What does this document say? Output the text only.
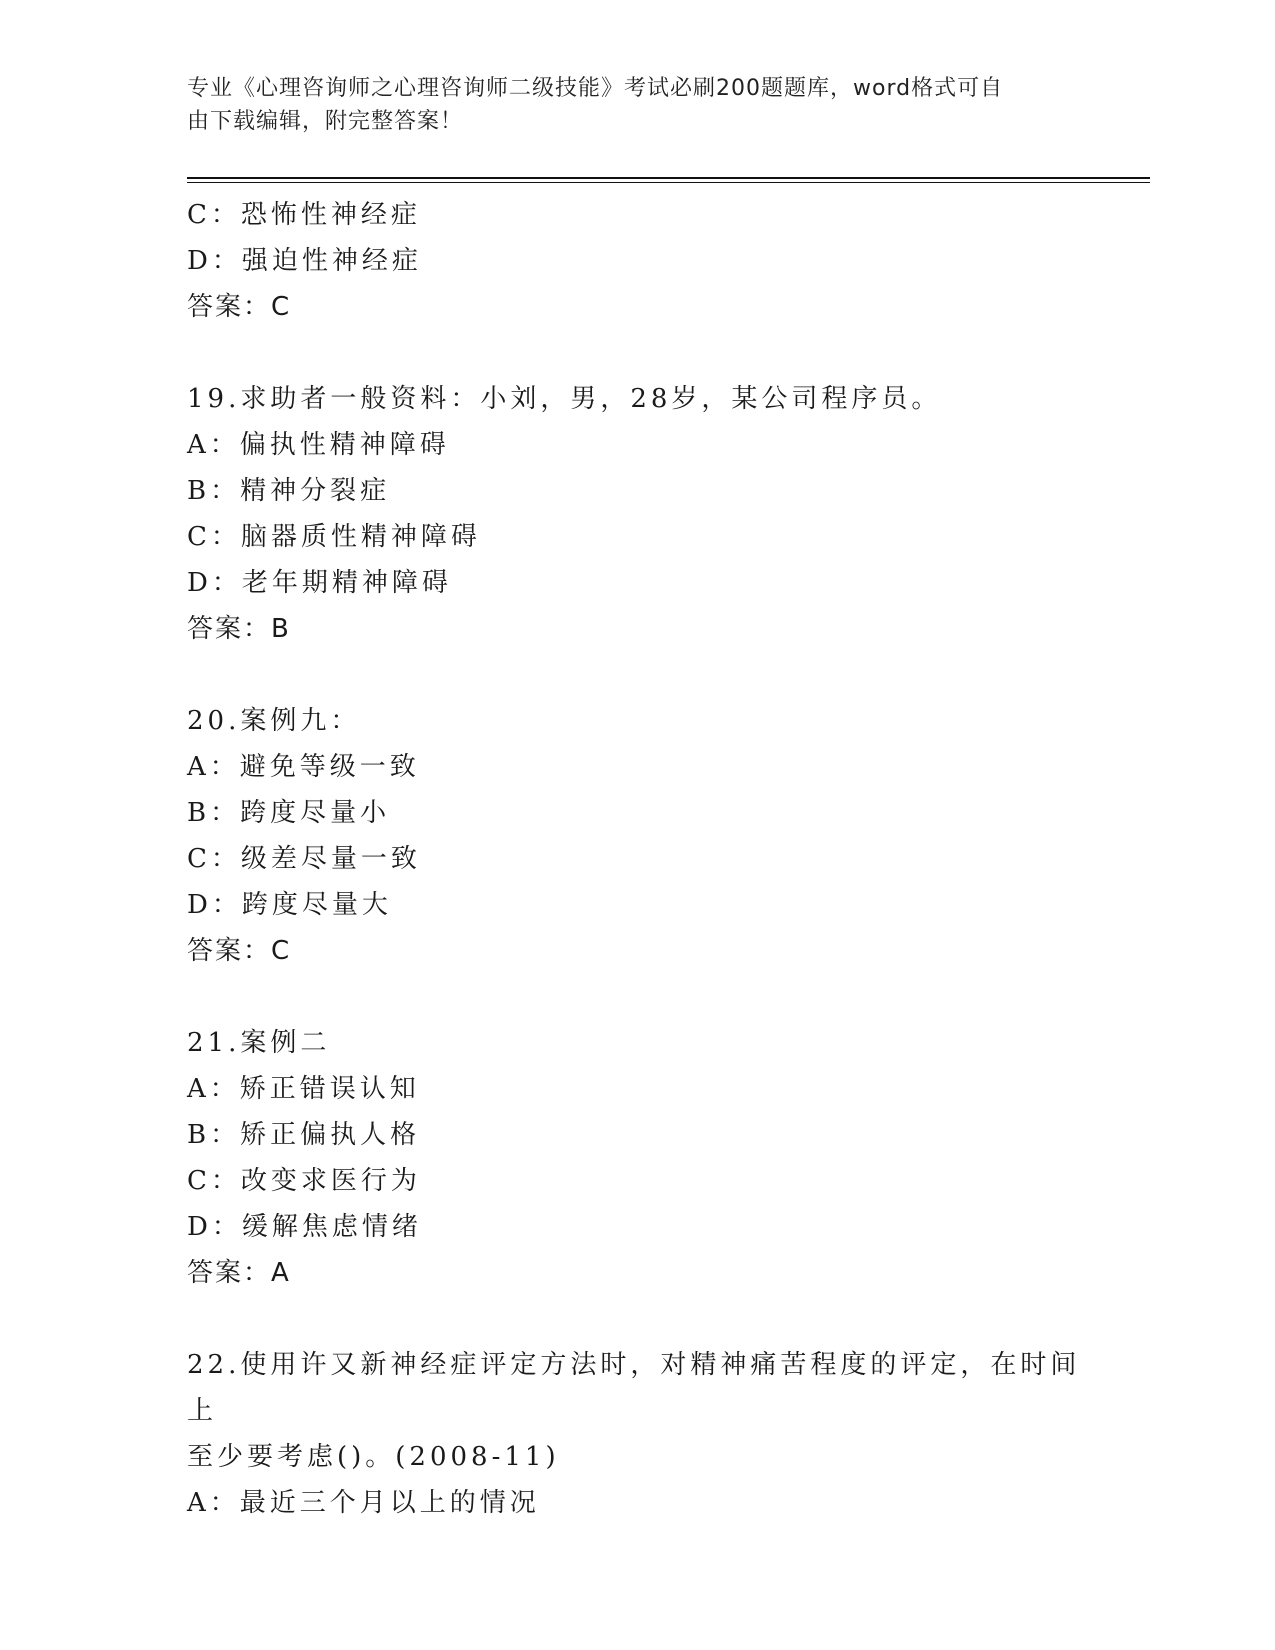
专业《心理咨询师之心理咨询师二级技能》考试必刷200题题库，word格式可自
由下载编辑，附完整答案！
C：恐怖性神经症
D：强迫性神经症
答案：C
19.求助者一般资料：小刘，男，28岁，某公司程序员。
A：偏执性精神障碍
B：精神分裂症
C：脑器质性精神障碍
D：老年期精神障碍
答案：B
20.案例九：
A：避免等级一致
B：跨度尽量小
C：级差尽量一致
D：跨度尽量大
答案：C
21.案例二
A：矫正错误认知
B：矫正偏执人格
C：改变求医行为
D：缓解焦虑情绪
答案：A
22.使用许又新神经症评定方法时，对精神痛苦程度的评定，在时间上
至少要考虑()。(2008-11)
A：最近三个月以上的情况
